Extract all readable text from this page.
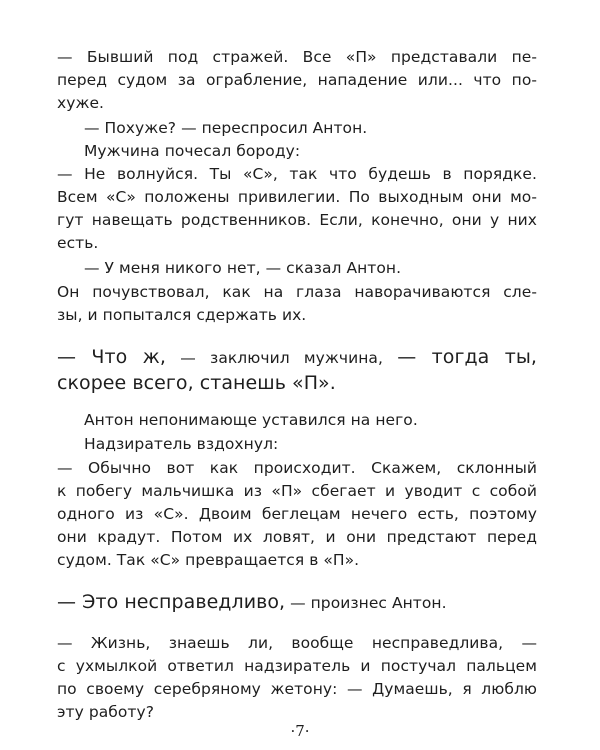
— Бывший под стражей. Все «П» представали пе-
перед судом за ограбление, нападение или... что по-
хуже.
— Похуже? — переспросил Антон.
Мужчина почесал бороду:
— Не волнуйся. Ты «С», так что будешь в порядке.
Всем «С» положены привилегии. По выходным они мо-
гут навещать родственников. Если, конечно, они у них
есть.
— У меня никого нет, — сказал Антон.
Он почувствовал, как на глаза наворачиваются сле-
зы, и попытался сдержать их.
— Что ж, — заключил мужчина, — тогда ты,
скорее всего, станешь «П».
Антон непонимающе уставился на него.
Надзиратель вздохнул:
— Обычно вот как происходит. Скажем, склонный
к побегу мальчишка из «П» сбегает и уводит с собой
одного из «С». Двоим беглецам нечего есть, поэтому
они крадут. Потом их ловят, и они предстают перед
судом. Так «С» превращается в «П».
— Это несправедливо, — произнес Антон.
— Жизнь, знаешь ли, вообще несправедлива, —
с ухмылкой ответил надзиратель и постучал пальцем
по своему серебряному жетону: — Думаешь, я люблю
эту работу?
·7·
